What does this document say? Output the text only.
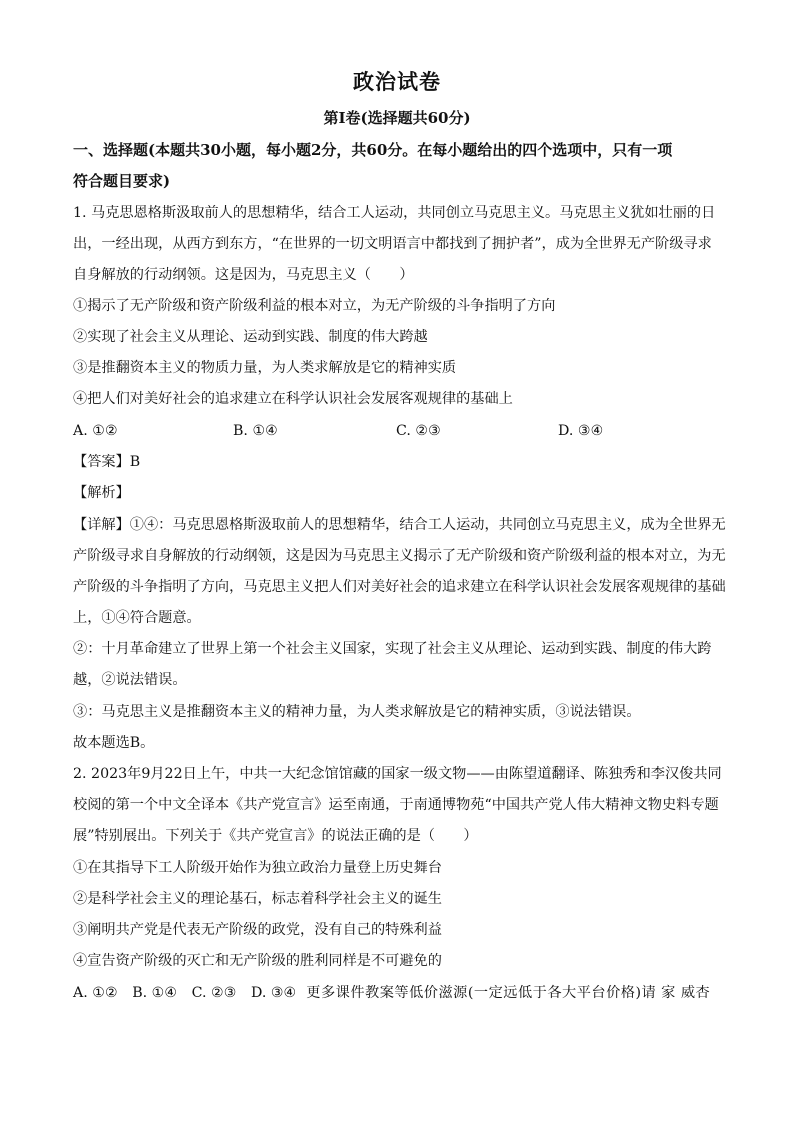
政治试卷
第Ⅰ卷(选择题共60分)
一、选择题(本题共30小题，每小题2分，共60分。在每小题给出的四个选项中，只有一项
符合题目要求)
1. 马克思恩格斯汲取前人的思想精华，结合工人运动，共同创立马克思主义。马克思主义犹如壮丽的日
出，一经出现，从西方到东方，“在世界的一切文明语言中都找到了拥护者”，成为全世界无产阶级寻求
自身解放的行动纲领。这是因为，马克思主义（　　）
①揭示了无产阶级和资产阶级利益的根本对立，为无产阶级的斗争指明了方向
②实现了社会主义从理论、运动到实践、制度的伟大跨越
③是推翻资本主义的物质力量，为人类求解放是它的精神实质
④把人们对美好社会的追求建立在科学认识社会发展客观规律的基础上
A. ①②	B. ①④	C. ②③	D. ③④
【答案】B
【解析】
【详解】①④：马克思恩格斯汲取前人的思想精华，结合工人运动，共同创立马克思主义，成为全世界无
产阶级寻求自身解放的行动纲领，这是因为马克思主义揭示了无产阶级和资产阶级利益的根本对立，为无
产阶级的斗争指明了方向，马克思主义把人们对美好社会的追求建立在科学认识社会发展客观规律的基础
上，①④符合题意。
②：十月革命建立了世界上第一个社会主义国家，实现了社会主义从理论、运动到实践、制度的伟大跨
越，②说法错误。
③：马克思主义是推翻资本主义的精神力量，为人类求解放是它的精神实质，③说法错误。
故本题选B。
2. 2023年9月22日上午，中共一大纪念馆馆藏的国家一级文物——由陈望道翻译、陈独秀和李汉俊共同
校阅的第一个中文全译本《共产党宣言》运至南通，于南通博物苑“中国共产党人伟大精神文物史料专题
展”特别展出。下列关于《共产党宣言》的说法正确的是（　　）
①在其指导下工人阶级开始作为独立政治力量登上历史舞台
②是科学社会主义的理论基石，标志着科学社会主义的诞生
③阐明共产党是代表无产阶级的政党，没有自己的特殊利益
④宣告资产阶级的灭亡和无产阶级的胜利同样是不可避免的
A. ①② B. ①④ C. ②③ D. ③④ 更多课件教案等低价滋源(一定远低于各大平台价格)请 家 威杏
